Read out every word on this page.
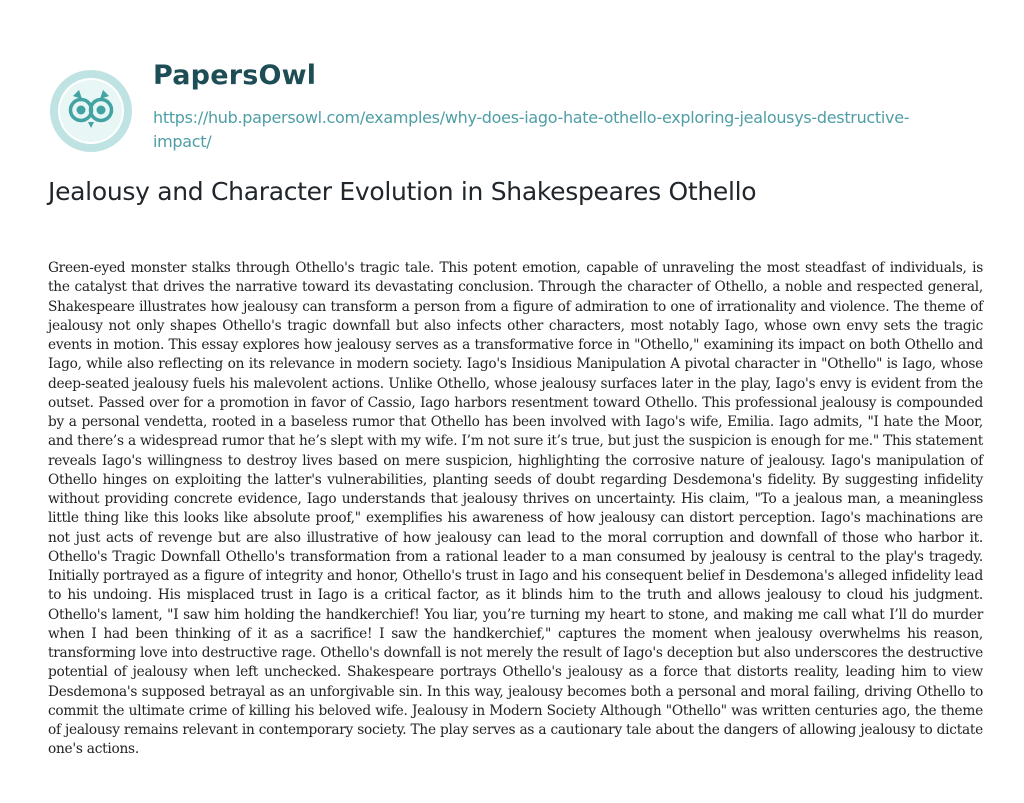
PapersOwl
https://hub.papersowl.com/examples/why-does-iago-hate-othello-exploring-jealousys-destructive-impact/
Jealousy and Character Evolution in Shakespeares Othello

Green-eyed monster stalks through Othello's tragic tale. This potent emotion, capable of unraveling the most steadfast of individuals, is the catalyst that drives the narrative toward its devastating conclusion. Through the character of Othello, a noble and respected general, Shakespeare illustrates how jealousy can transform a person from a figure of admiration to one of irrationality and violence. The theme of jealousy not only shapes Othello's tragic downfall but also infects other characters, most notably Iago, whose own envy sets the tragic events in motion. This essay explores how jealousy serves as a transformative force in "Othello," examining its impact on both Othello and Iago, while also reflecting on its relevance in modern society. Iago's Insidious Manipulation A pivotal character in "Othello" is Iago, whose deep-seated jealousy fuels his malevolent actions. Unlike Othello, whose jealousy surfaces later in the play, Iago's envy is evident from the outset. Passed over for a promotion in favor of Cassio, Iago harbors resentment toward Othello. This professional jealousy is compounded by a personal vendetta, rooted in a baseless rumor that Othello has been involved with Iago's wife, Emilia. Iago admits, "I hate the Moor, and there’s a widespread rumor that he’s slept with my wife. I’m not sure it’s true, but just the suspicion is enough for me." This statement reveals Iago's willingness to destroy lives based on mere suspicion, highlighting the corrosive nature of jealousy. Iago's manipulation of Othello hinges on exploiting the latter's vulnerabilities, planting seeds of doubt regarding Desdemona's fidelity. By suggesting infidelity without providing concrete evidence, Iago understands that jealousy thrives on uncertainty. His claim, "To a jealous man, a meaningless little thing like this looks like absolute proof," exemplifies his awareness of how jealousy can distort perception. Iago's machinations are not just acts of revenge but are also illustrative of how jealousy can lead to the moral corruption and downfall of those who harbor it. Othello's Tragic Downfall Othello's transformation from a rational leader to a man consumed by jealousy is central to the play's tragedy. Initially portrayed as a figure of integrity and honor, Othello's trust in Iago and his consequent belief in Desdemona's alleged infidelity lead to his undoing. His misplaced trust in Iago is a critical factor, as it blinds him to the truth and allows jealousy to cloud his judgment. Othello's lament, "I saw him holding the handkerchief! You liar, you’re turning my heart to stone, and making me call what I’ll do murder when I had been thinking of it as a sacrifice! I saw the handkerchief," captures the moment when jealousy overwhelms his reason, transforming love into destructive rage. Othello's downfall is not merely the result of Iago's deception but also underscores the destructive potential of jealousy when left unchecked. Shakespeare portrays Othello's jealousy as a force that distorts reality, leading him to view Desdemona's supposed betrayal as an unforgivable sin. In this way, jealousy becomes both a personal and moral failing, driving Othello to commit the ultimate crime of killing his beloved wife. Jealousy in Modern Society Although "Othello" was written centuries ago, the theme of jealousy remains relevant in contemporary society. The play serves as a cautionary tale about the dangers of allowing jealousy to dictate one's actions.
